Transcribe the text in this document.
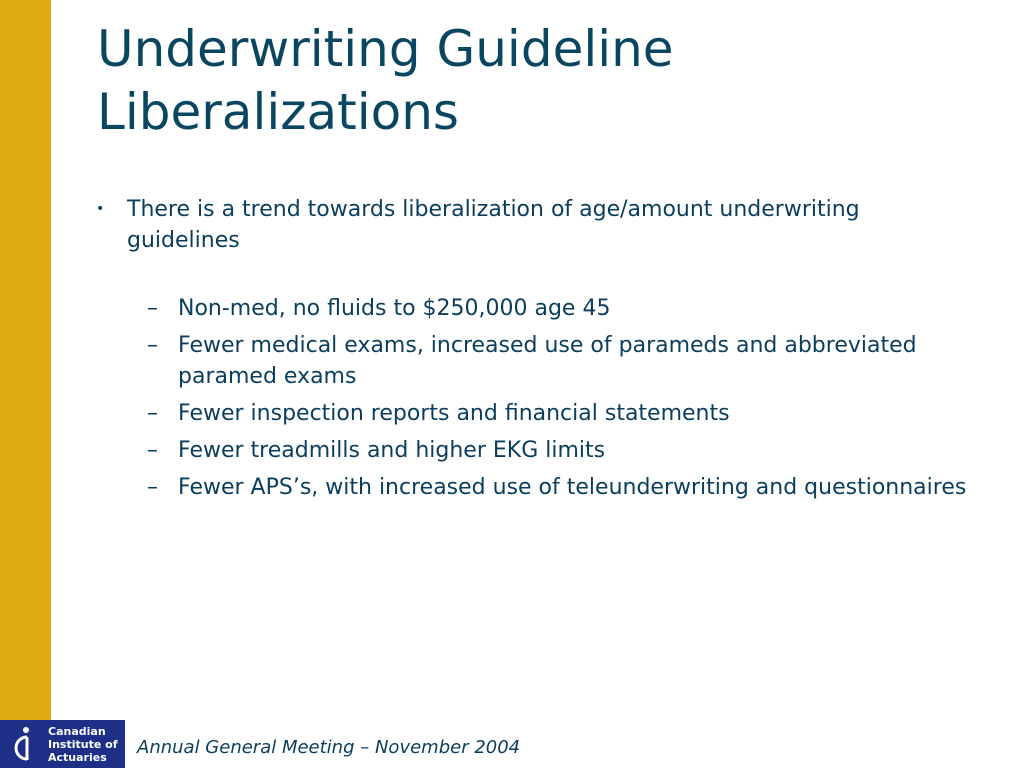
Underwriting Guideline
Liberalizations

• There is a trend towards liberalization of age/amount underwriting guidelines

– Non-med, no fluids to $250,000 age 45
– Fewer medical exams, increased use of parameds and abbreviated paramed exams
– Fewer inspection reports and financial statements
– Fewer treadmills and higher EKG limits
– Fewer APS’s, with increased use of teleunderwriting and questionnaires
Canadian
Institute of
Actuaries	Annual General Meeting – November 2004
